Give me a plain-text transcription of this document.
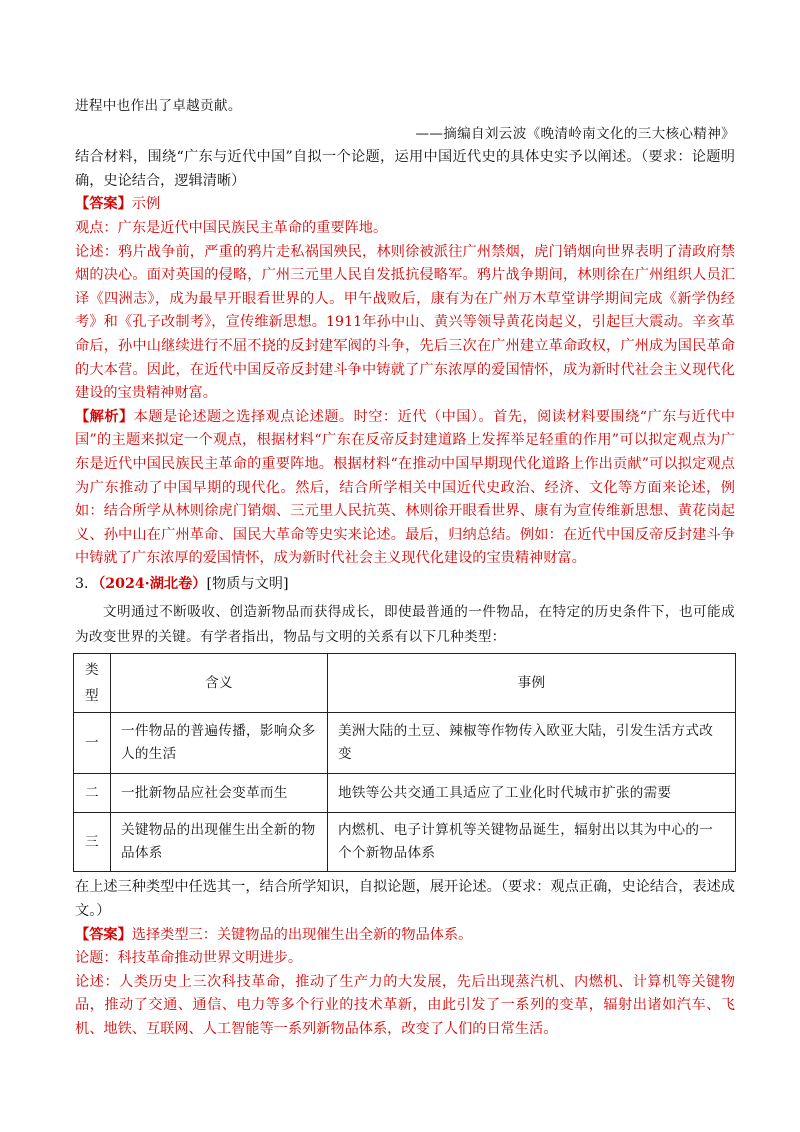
进程中也作出了卓越贡献。

——摘编自刘云波《晚清岭南文化的三大核心精神》

结合材料，围绕“广东与近代中国”自拟一个论题，运用中国近代史的具体史实予以阐述。（要求：论题明确，史论结合，逻辑清晰）

【答案】示例

观点：广东是近代中国民族民主革命的重要阵地。

论述：鸦片战争前，严重的鸦片走私祸国殃民，林则徐被派往广州禁烟，虎门销烟向世界表明了清政府禁烟的决心。面对英国的侵略，广州三元里人民自发抵抗侵略军。鸦片战争期间，林则徐在广州组织人员汇译《四洲志》，成为最早开眼看世界的人。甲午战败后，康有为在广州万木草堂讲学期间完成《新学伪经考》和《孔子改制考》，宣传维新思想。1911年孙中山、黄兴等领导黄花岗起义，引起巨大震动。辛亥革命后，孙中山继续进行不屈不挠的反封建军阀的斗争，先后三次在广州建立革命政权，广州成为国民革命的大本营。因此，在近代中国反帝反封建斗争中铸就了广东浓厚的爱国情怀，成为新时代社会主义现代化建设的宝贵精神财富。

【解析】本题是论述题之选择观点论述题。时空：近代（中国）。首先，阅读材料要围绕“广东与近代中国”的主题来拟定一个观点，根据材料“广东在反帝反封建道路上发挥举足轻重的作用”可以拟定观点为广东是近代中国民族民主革命的重要阵地。根据材料“在推动中国早期现代化道路上作出贡献”可以拟定观点为广东推动了中国早期的现代化。然后，结合所学相关中国近代史政治、经济、文化等方面来论述，例如：结合所学从林则徐虎门销烟、三元里人民抗英、林则徐开眼看世界、康有为宣传维新思想、黄花岗起义、孙中山在广州革命、国民大革命等史实来论述。最后，归纳总结。例如：在近代中国反帝反封建斗争中铸就了广东浓厚的爱国情怀，成为新时代社会主义现代化建设的宝贵精神财富。

3．（2024·湖北卷）[物质与文明]

文明通过不断吸收、创造新物品而获得成长，即使最普通的一件物品，在特定的历史条件下，也可能成为改变世界的关键。有学者指出，物品与文明的关系有以下几种类型：

类
型	含义	事例
一	一件物品的普遍传播，影响众多人的生活	美洲大陆的土豆、辣椒等作物传入欧亚大陆，引发生活方式改变
二	一批新物品应社会变革而生	地铁等公共交通工具适应了工业化时代城市扩张的需要
三	关键物品的出现催生出全新的物品体系	内燃机、电子计算机等关键物品诞生，辐射出以其为中心的一个个新物品体系

在上述三种类型中任选其一，结合所学知识，自拟论题，展开论述。（要求：观点正确，史论结合，表述成文。）

【答案】选择类型三：关键物品的出现催生出全新的物品体系。

论题：科技革命推动世界文明进步。

论述：人类历史上三次科技革命，推动了生产力的大发展，先后出现蒸汽机、内燃机、计算机等关键物品，推动了交通、通信、电力等多个行业的技术革新，由此引发了一系列的变革，辐射出诸如汽车、飞机、地铁、互联网、人工智能等一系列新物品体系，改变了人们的日常生活。
